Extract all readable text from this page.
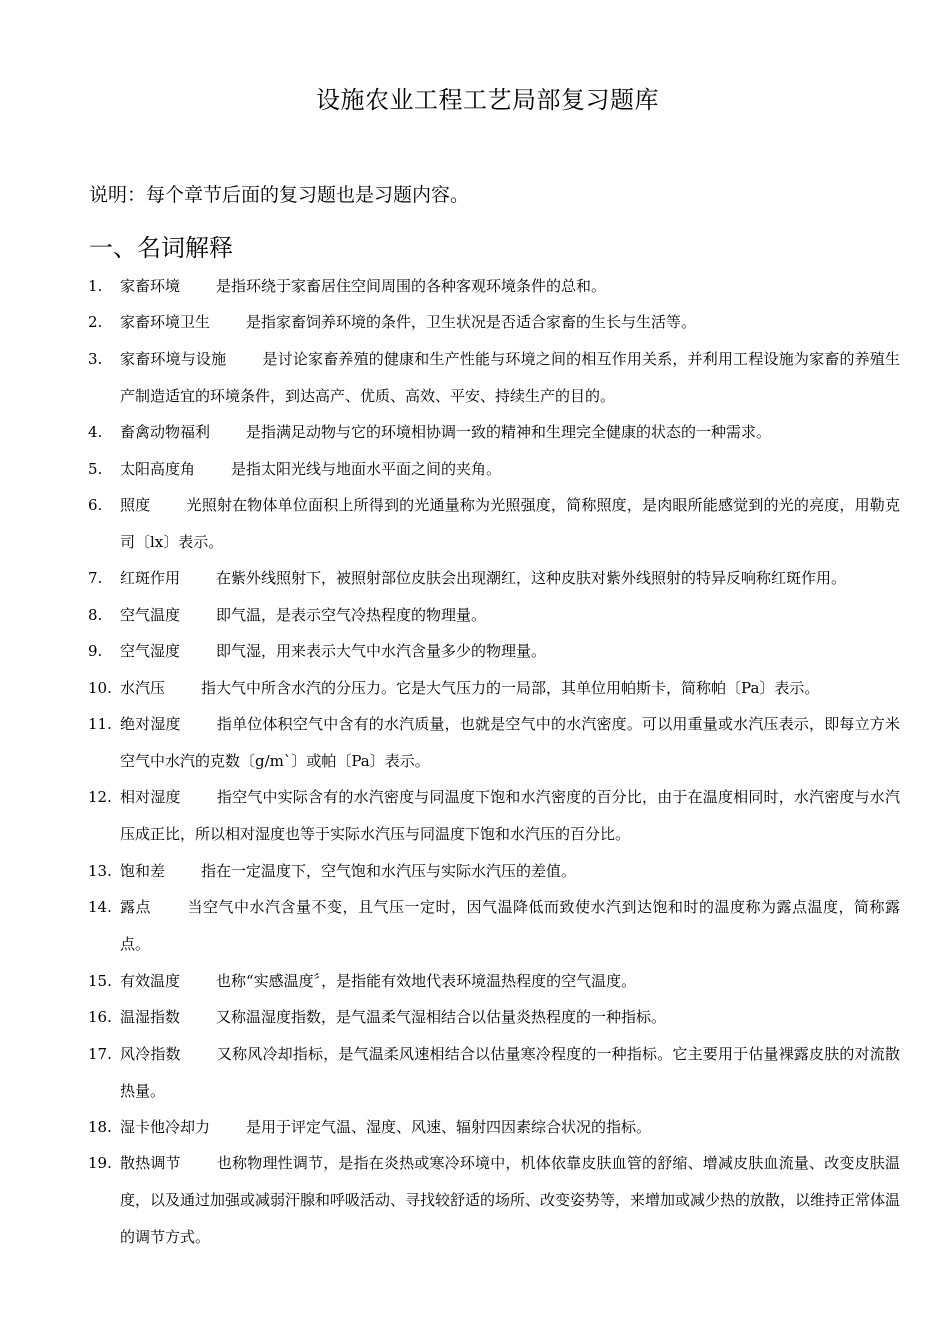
设施农业工程工艺局部复习题库
说明：每个章节后面的复习题也是习题内容。
一、名词解释
1. 家畜环境 是指环绕于家畜居住空间周围的各种客观环境条件的总和。
2. 家畜环境卫生 是指家畜饲养环境的条件，卫生状况是否适合家畜的生长与生活等。
3. 家畜环境与设施 是讨论家畜养殖的健康和生产性能与环境之间的相互作用关系，并利用工程设施为家畜的养殖生产制造适宜的环境条件，到达高产、优质、高效、平安、持续生产的目的。
4. 畜禽动物福利 是指满足动物与它的环境相协调一致的精神和生理完全健康的状态的一种需求。
5. 太阳高度角 是指太阳光线与地面水平面之间的夹角。
6. 照度 光照射在物体单位面积上所得到的光通量称为光照强度，简称照度，是肉眼所能感觉到的光的亮度，用勒克司〔lx〕表示。
7. 红斑作用 在紫外线照射下，被照射部位皮肤会出现潮红，这种皮肤对紫外线照射的特异反响称红斑作用。
8. 空气温度 即气温，是表示空气冷热程度的物理量。
9. 空气湿度 即气湿，用来表示大气中水汽含量多少的物理量。
10. 水汽压 指大气中所含水汽的分压力。它是大气压力的一局部，其单位用帕斯卡，简称帕〔Pa〕表示。
11. 绝对湿度 指单位体积空气中含有的水汽质量，也就是空气中的水汽密度。可以用重量或水汽压表示，即每立方米空气中水汽的克数〔g/m`〕或帕〔Pa〕表示。
12. 相对湿度 指空气中实际含有的水汽密度与同温度下饱和水汽密度的百分比，由于在温度相同时，水汽密度与水汽压成正比，所以相对湿度也等于实际水汽压与同温度下饱和水汽压的百分比。
13. 饱和差 指在一定温度下，空气饱和水汽压与实际水汽压的差值。
14. 露点 当空气中水汽含量不变，且气压一定时，因气温降低而致使水汽到达饱和时的温度称为露点温度，简称露点。
15. 有效温度 也称“实感温度〞，是指能有效地代表环境温热程度的空气温度。
16. 温湿指数 又称温湿度指数，是气温柔气湿相结合以估量炎热程度的一种指标。
17. 风冷指数 又称风冷却指标，是气温柔风速相结合以估量寒冷程度的一种指标。它主要用于估量裸露皮肤的对流散热量。
18. 湿卡他冷却力 是用于评定气温、湿度、风速、辐射四因素综合状况的指标。
19. 散热调节 也称物理性调节，是指在炎热或寒冷环境中，机体依靠皮肤血管的舒缩、增减皮肤血流量、改变皮肤温度，以及通过加强或减弱汗腺和呼吸活动、寻找较舒适的场所、改变姿势等，来增加或减少热的放散，以维持正常体温的调节方式。
